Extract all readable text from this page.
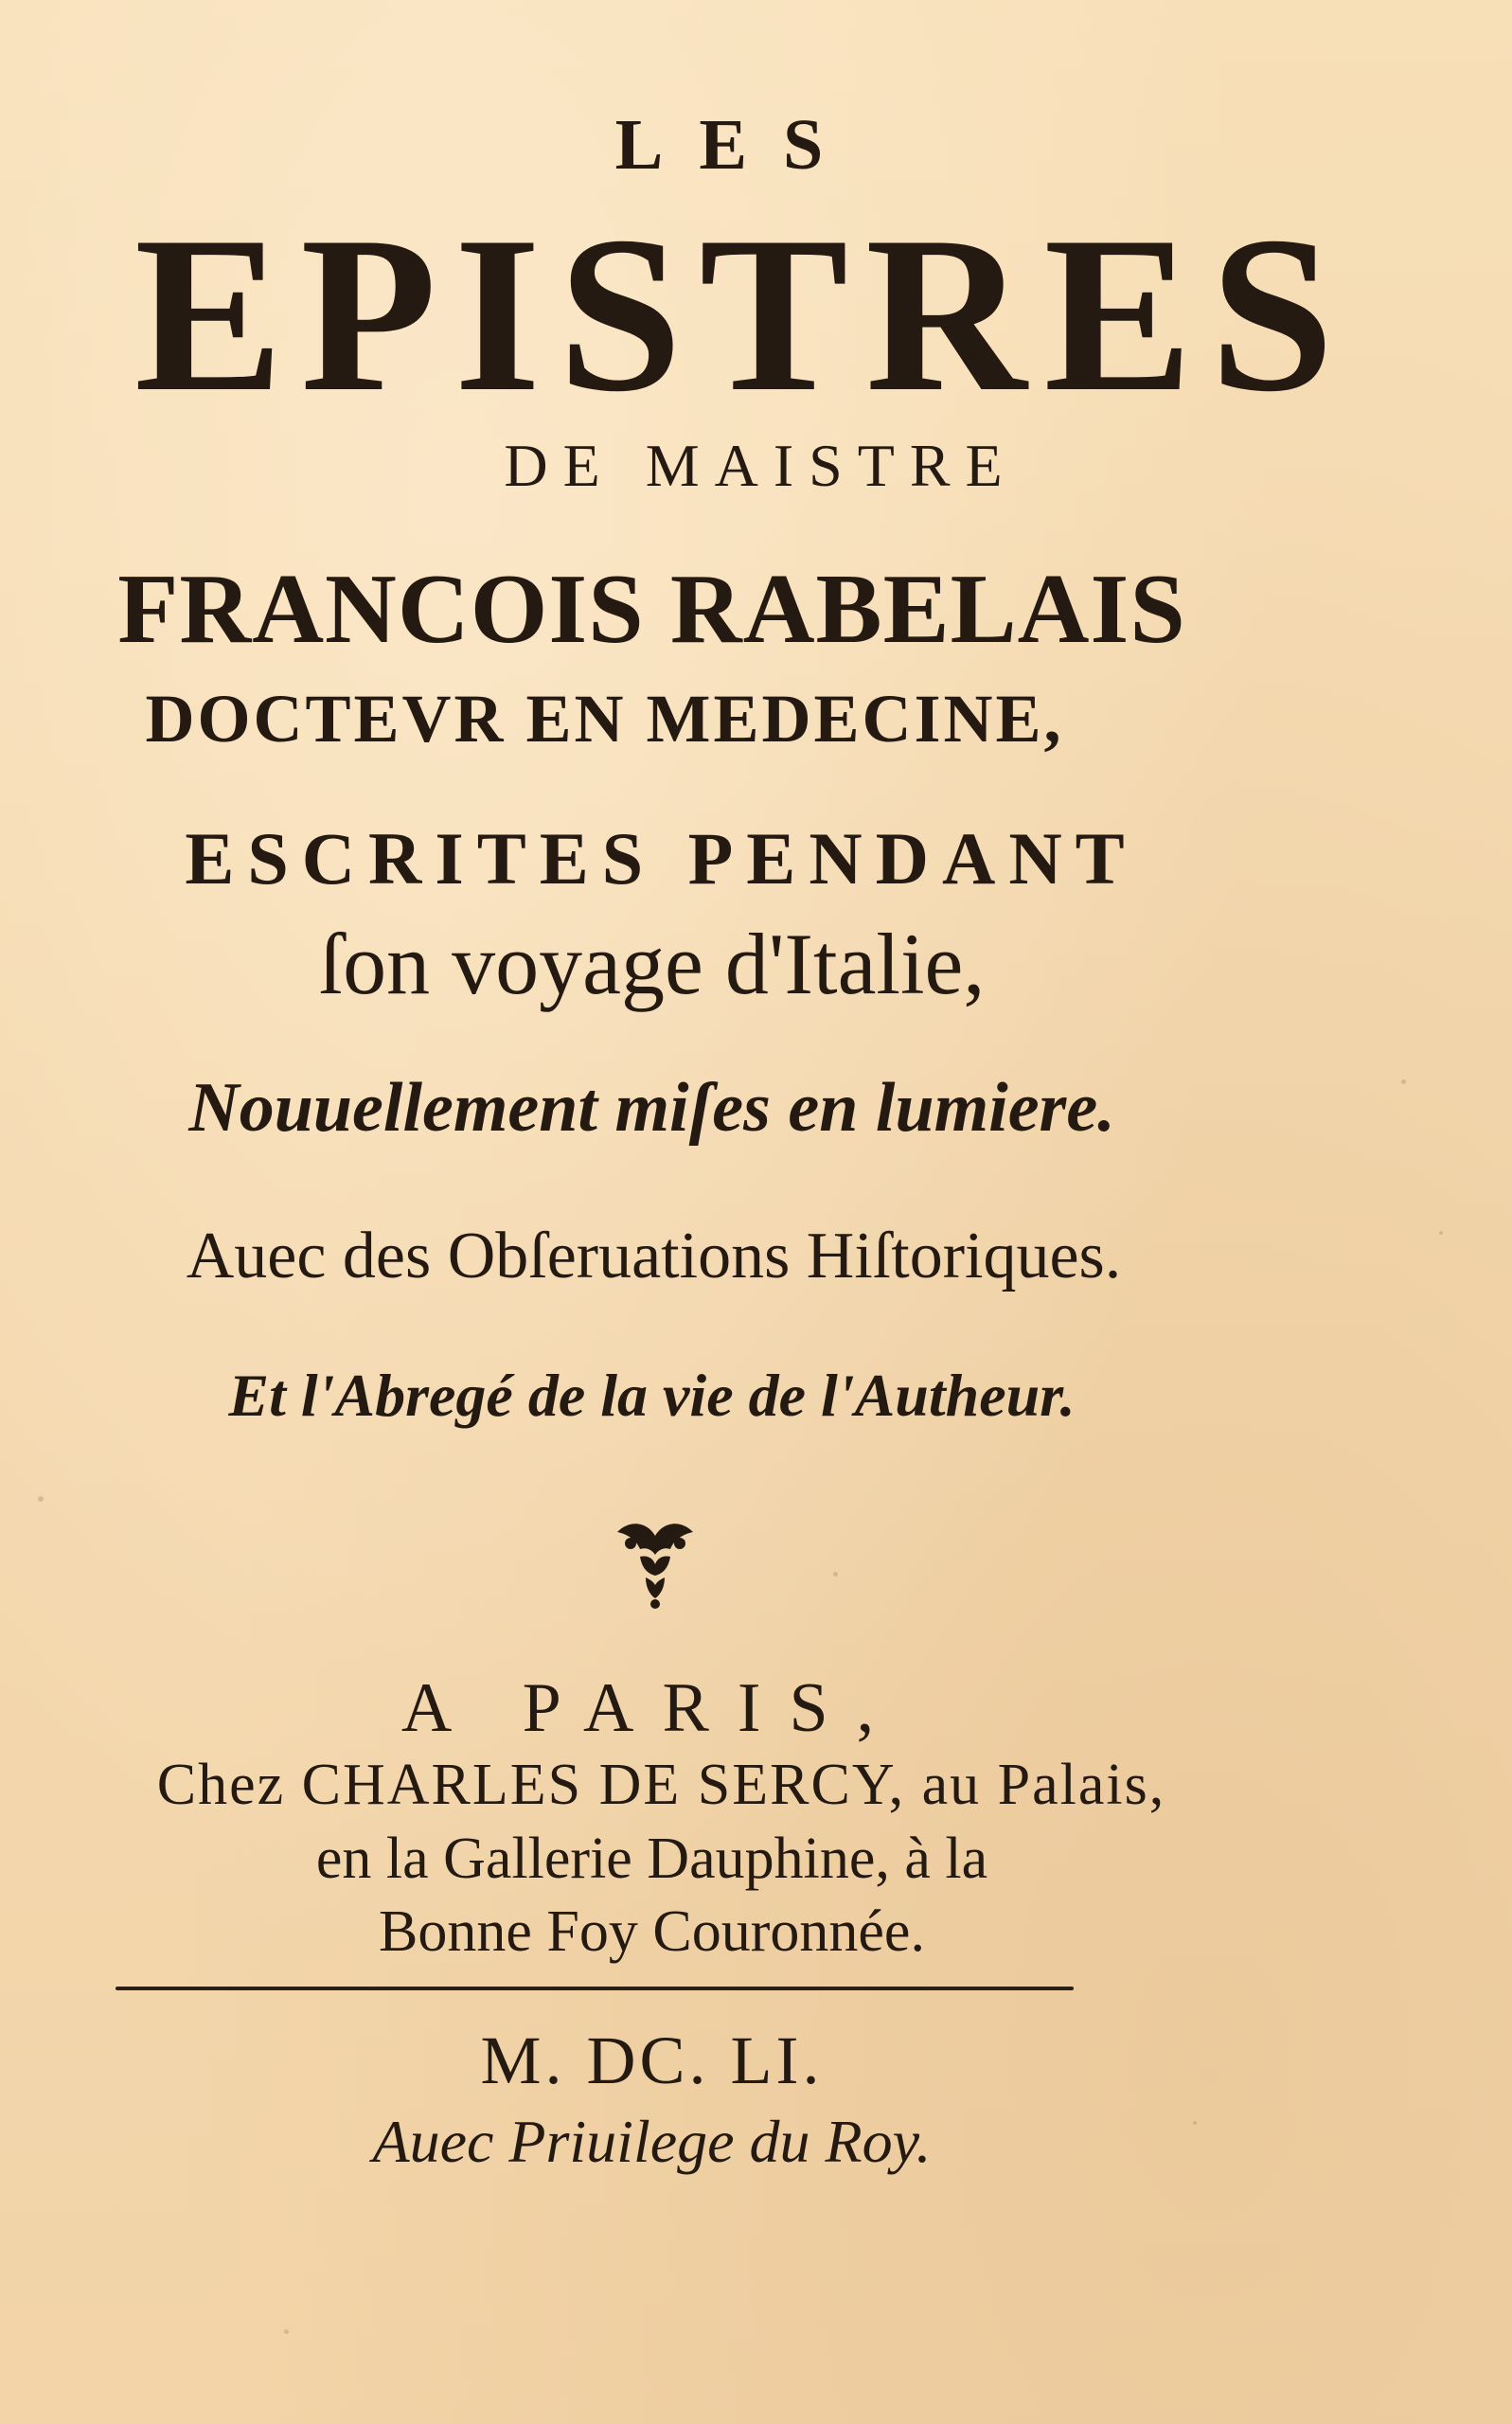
LES

EPISTRES

DE MAISTRE

FRANCOIS RABELAIS

DOCTEVR EN MEDECINE,

ESCRITES PENDANT

ſon voyage d'Italie,

Nouuellement miſes en lumiere.

Auec des Obſeruations Hiſtoriques.

Et l'Abregé de la vie de l'Autheur.

A PARIS,

Chez CHARLES DE SERCY, au Palais,

en la Gallerie Dauphine, à la

Bonne Foy Couronnée.

M. DC. LI.

Auec Priuilege du Roy.
